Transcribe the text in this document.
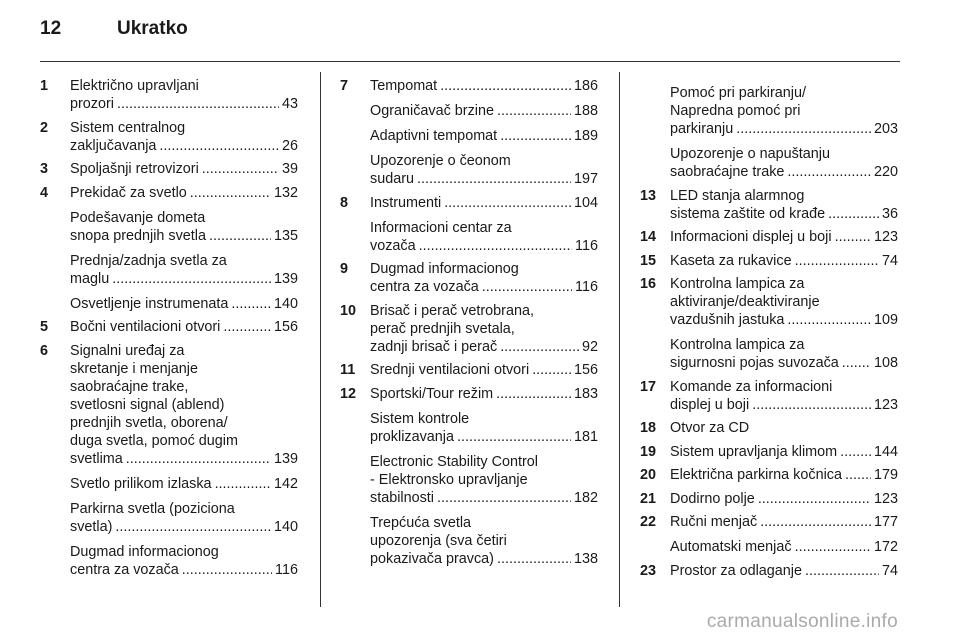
12	Ukratko
1 Električno upravljani
prozori .....	43
2 Sistem centralnog
zaključavanja .....	26
3 Spoljašnji retrovizori .....	39
4 Prekidač za svetlo .....	132
Podešavanje dometa
snopa prednjih svetla .....	135
Prednja/zadnja svetla za
maglu .....	139
Osvetljenje instrumenata .....	140
5 Bočni ventilacioni otvori .....	156
6 Signalni uređaj za
skretanje i menjanje
saobraćajne trake,
svetlosni signal (ablend)
prednjih svetla, oborena/
duga svetla, pomoć dugim
svetlima .....	139
Svetlo prilikom izlaska .....	142
Parkirna svetla (poziciona
svetla) .....	140
Dugmad informacionog
centra za vozača .....	116
7 Tempomat .....	186
Ograničavač brzine .....	188
Adaptivni tempomat .....	189
Upozorenje o čeonom
sudaru .....	197
8 Instrumenti .....	104
Informacioni centar za
vozača .....	116
9 Dugmad informacionog
centra za vozača .....	116
10 Brisač i perač vetrobrana,
perač prednjih svetala,
zadnji brisač i perač .....	92
11 Srednji ventilacioni otvori .....	156
12 Sportski/Tour režim .....	183
Sistem kontrole
proklizavanja .....	181
Electronic Stability Control
- Elektronsko upravljanje
stabilnosti .....	182
Trepćuća svetla
upozorenja (sva četiri
pokazivača pravca) .....	138
Pomoć pri parkiranju/
Napredna pomoć pri
parkiranju .....	203
Upozorenje o napuštanju
saobraćajne trake .....	220
13 LED stanja alarmnog
sistema zaštite od krađe .....	36
14 Informacioni displej u boji .....	123
15 Kaseta za rukavice .....	74
16 Kontrolna lampica za
aktiviranje/deaktiviranje
vazdušnih jastuka .....	109
Kontrolna lampica za
sigurnosni pojas suvozača ..... 108
17 Komande za informacioni
displej u boji .....	123
18 Otvor za CD
19 Sistem upravljanja klimom .....	144
20 Električna parkirna kočnica ..... 179
21 Dodirno polje .....	123
22 Ručni menjač .....	177
Automatski menjač .....	172
23 Prostor za odlaganje .....	74
carmanualsonline.info
